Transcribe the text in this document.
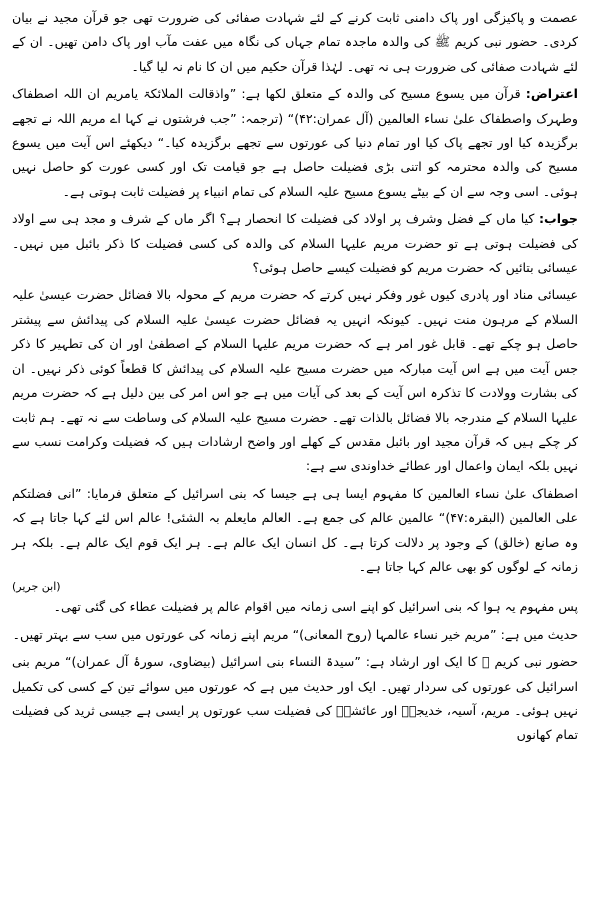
عصمت و پاکیزگی اور پاک دامنی ثابت کرنے کے لئے شہادت صفائی کی ضرورت تھی جو قرآن مجید نے بیان کردی۔ حضور نبی کریم ﷺ کی والدہ ماجدہ تمام جہاں کی نگاہ میں عفت مآب اور پاک دامن تھیں۔ ان کے لئے شہادت صفائی کی ضرورت ہی نہ تھی۔ لہٰذا قرآن حکیم میں ان کا نام نہ لیا گیا۔

اعتراض: قرآن میں یسوع مسیح کی والدہ کے متعلق لکھا ہے: ”واذقالت الملائکۃ یامریم ان اللہ اصطفاک وطہرک واصطفاک علیٰ نساء العالمین (آل عمران:۴۲)“ (ترجمہ: ”جب فرشتوں نے کہا اے مریم اللہ نے تجھے برگزیدہ کیا اور تجھے پاک کیا اور تمام دنیا کی عورتوں سے تجھے برگزیدہ کیا۔“ دیکھئے اس آیت میں یسوع مسیح کی والدہ محترمہ کو اتنی بڑی فضیلت حاصل ہے جو قیامت تک اور کسی عورت کو حاصل نہیں ہوئی۔ اسی وجہ سے ان کے بیٹے یسوع مسیح علیہ السلام کی تمام انبیاء پر فضیلت ثابت ہوتی ہے۔

جواب: کیا ماں کے فضل وشرف پر اولاد کی فضیلت کا انحصار ہے؟ اگر ماں کے شرف و مجد ہی سے اولاد کی فضیلت ہوتی ہے تو حضرت مریم علیہا السلام کی والدہ کی کسی فضیلت کا ذکر بائبل میں نہیں۔ عیسائی بتائیں کہ حضرت مریم کو فضیلت کیسے حاصل ہوئی؟

عیسائی مناد اور پادری کیوں غور وفکر نہیں کرتے کہ حضرت مریم کے محولہ بالا فضائل حضرت عیسیٰ علیہ السلام کے مرہون منت نہیں۔ کیونکہ انہیں یہ فضائل حضرت عیسیٰ علیہ السلام کی پیدائش سے پیشتر حاصل ہو چکے تھے۔ قابل غور امر ہے کہ حضرت مریم علیہا السلام کے اصطفیٰ اور ان کی تطہیر کا ذکر جس آیت میں ہے اس آیت مبارکہ میں حضرت مسیح علیہ السلام کی پیدائش کا قطعاً کوئی ذکر نہیں۔ ان کی بشارت وولادت کا تذکرہ اس آیت کے بعد کی آیات میں ہے جو اس امر کی بین دلیل ہے کہ حضرت مریم علیہا السلام کے مندرجہ بالا فضائل بالذات تھے۔ حضرت مسیح علیہ السلام کی وساطت سے نہ تھے۔ ہم ثابت کر چکے ہیں کہ قرآن مجید اور بائبل مقدس کے کھلے اور واضح ارشادات ہیں کہ فضیلت وکرامت نسب سے نہیں بلکہ ایمان واعمال اور عطائے خداوندی سے ہے:

اصطفاک علیٰ نساء العالمین کا مفہوم ایسا ہی ہے جیسا کہ بنی اسرائیل کے متعلق فرمایا: ”انی فضلتکم علی العالمین (البقرہ:۴۷)“ عالمین عالم کی جمع ہے۔ العالم مایعلم بہ الشئی! عالم اس لئے کہا جاتا ہے کہ وہ صانع (خالق) کے وجود پر دلالت کرتا ہے۔ کل انسان ایک عالم ہے۔ ہر ایک قوم ایک عالم ہے۔ بلکہ ہر زمانہ کے لوگوں کو بھی عالم کہا جاتا ہے۔
(ابن جریر)

پس مفہوم یہ ہوا کہ بنی اسرائیل کو اپنے اسی زمانہ میں اقوام عالم پر فضیلت عطاء کی گئی تھی۔

حدیث میں ہے: ”مریم خیر نساء عالمہا (روح المعانی)“ مریم اپنے زمانہ کی عورتوں میں سب سے بہتر تھیں۔

حضور نبی کریم ﷺ کا ایک اور ارشاد ہے: ”سیدۃ النساء بنی اسرائیل (بیضاوی، سورۂ آل عمران)“ مریم بنی اسرائیل کی عورتوں کی سردار تھیں۔ ایک اور حدیث میں ہے کہ عورتوں میں سوائے تین کے کسی کی تکمیل نہیں ہوئی۔ مریم، آسیہ، خدیجہؓ اور عائشہؓ کی فضیلت سب عورتوں پر ایسی ہے جیسی ثرید کی فضیلت تمام کھانوں
